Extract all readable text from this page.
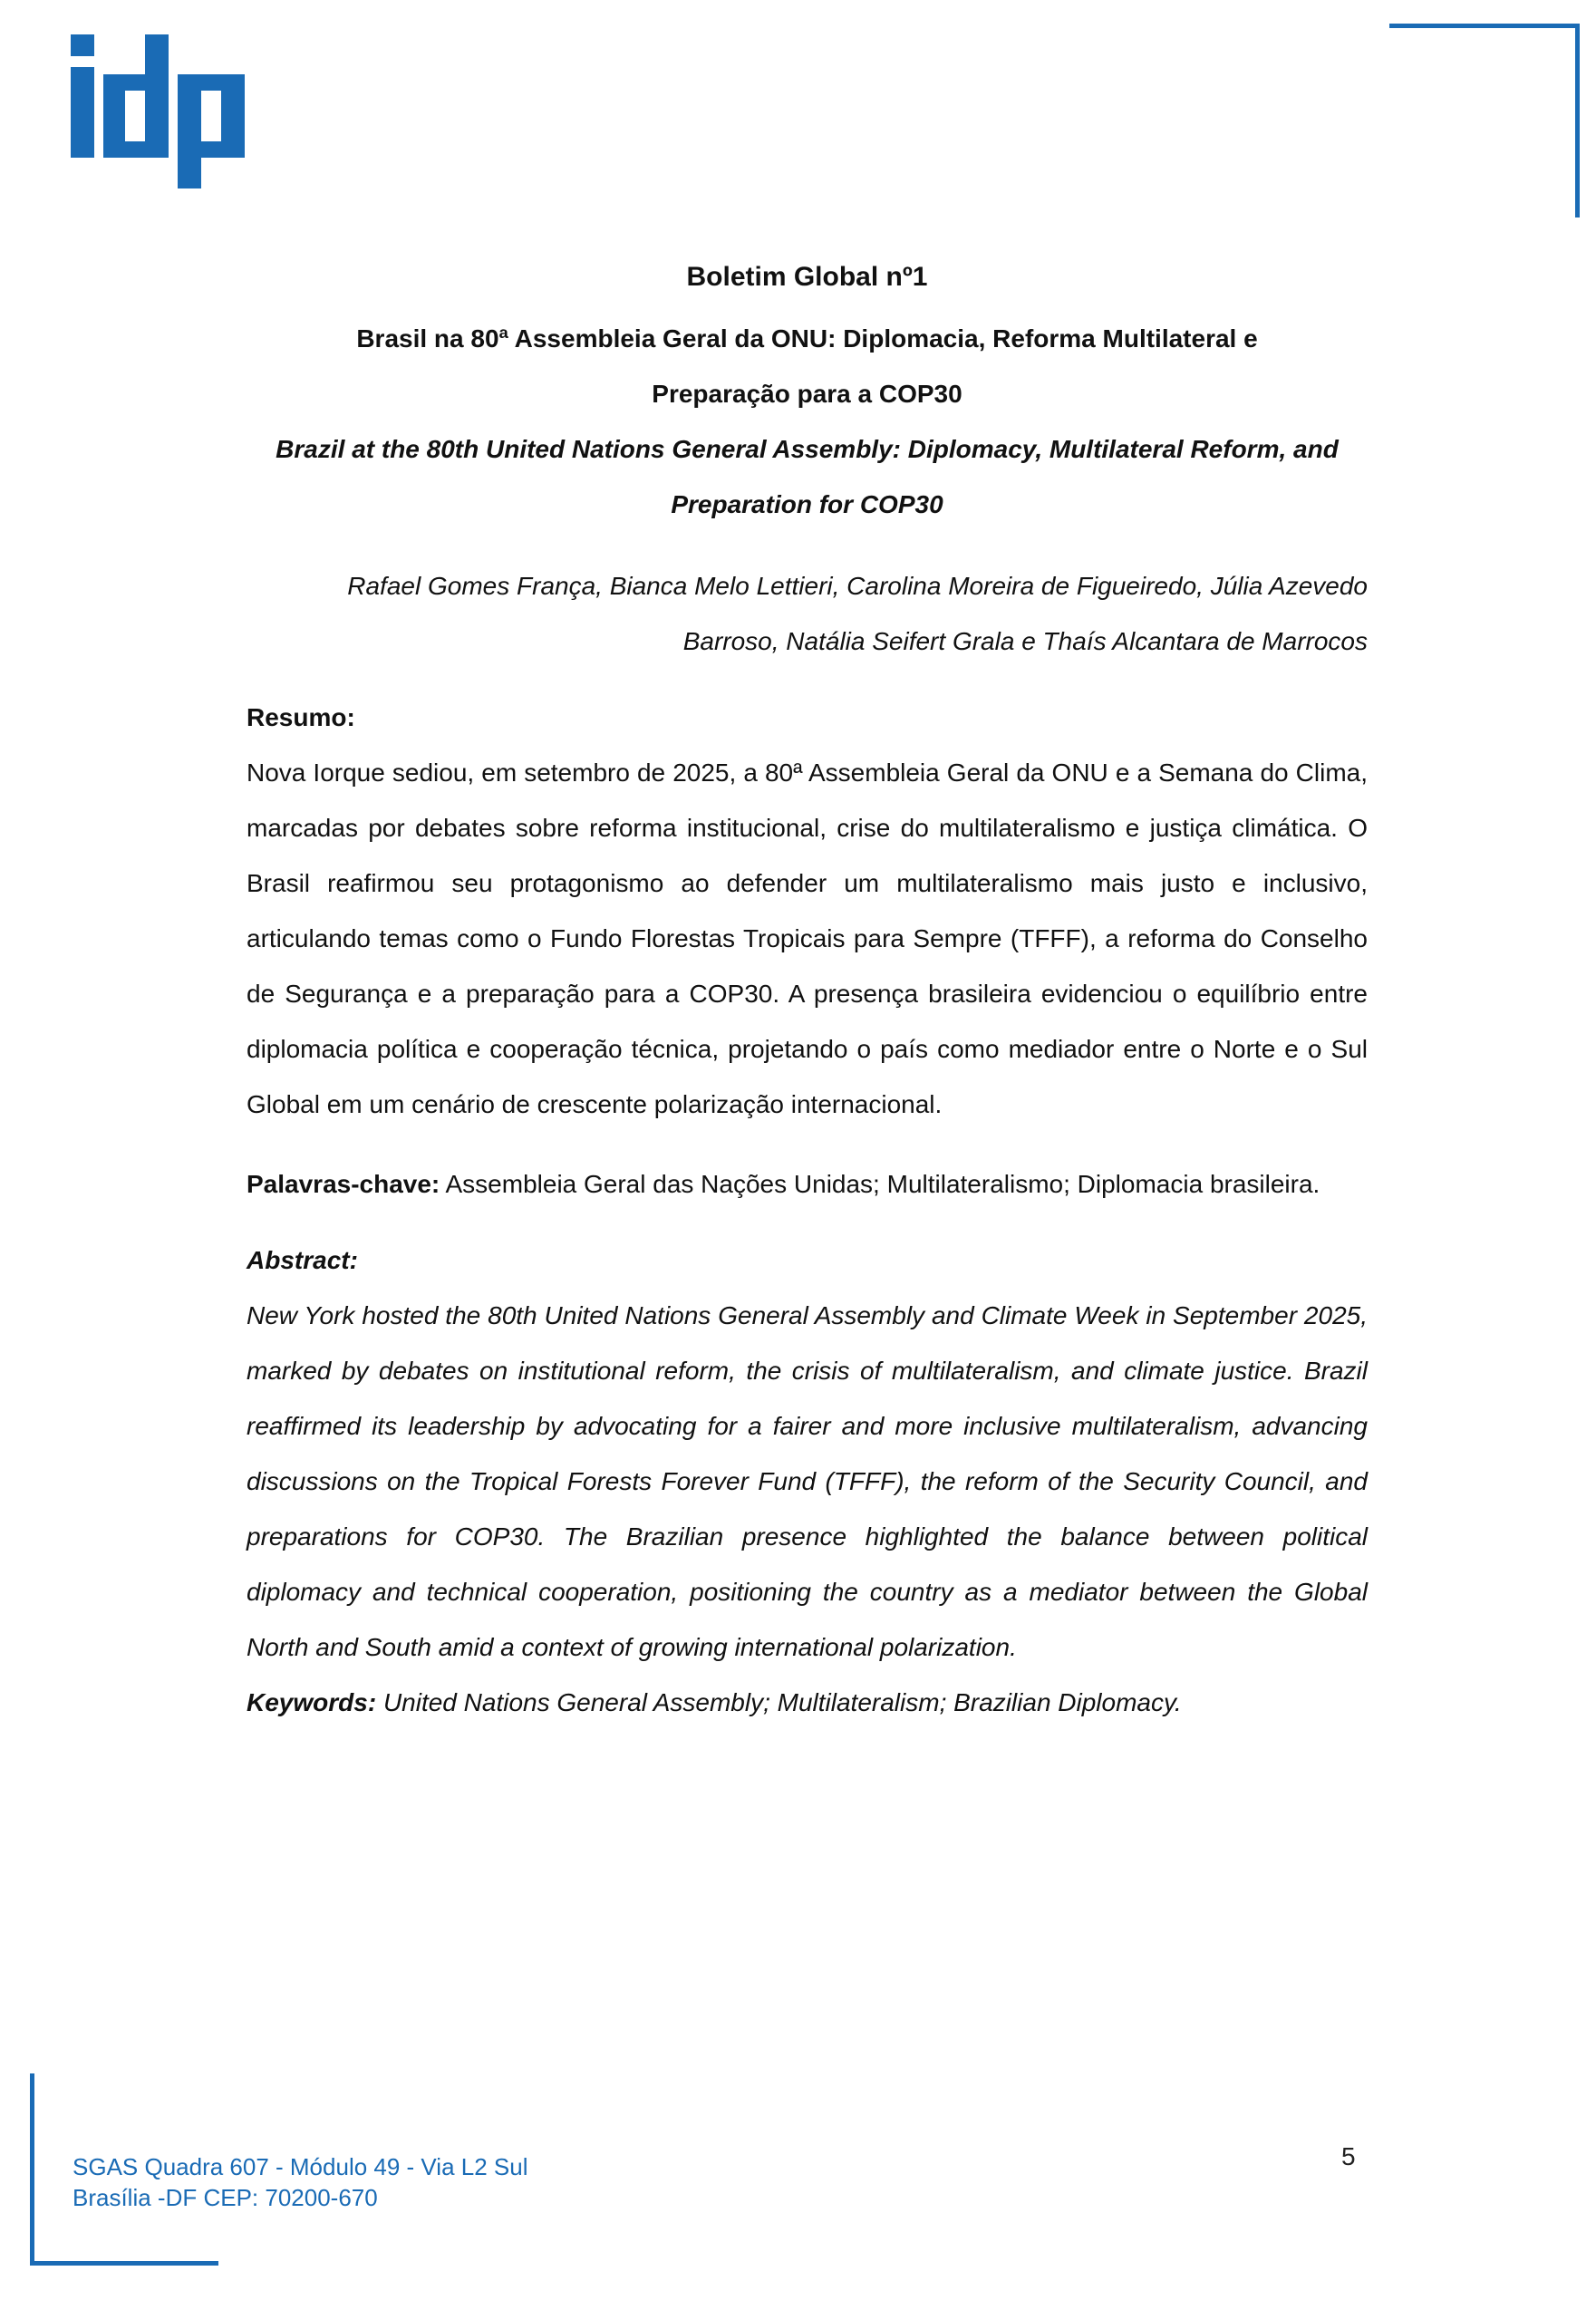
Boletim Global nº1

Brasil na 80ª Assembleia Geral da ONU: Diplomacia, Reforma Multilateral e Preparação para a COP30

Brazil at the 80th United Nations General Assembly: Diplomacy, Multilateral Reform, and Preparation for COP30

Rafael Gomes França, Bianca Melo Lettieri, Carolina Moreira de Figueiredo, Júlia Azevedo Barroso, Natália Seifert Grala e Thaís Alcantara de Marrocos

Resumo:

Nova Iorque sediou, em setembro de 2025, a 80ª Assembleia Geral da ONU e a Semana do Clima, marcadas por debates sobre reforma institucional, crise do multilateralismo e justiça climática. O Brasil reafirmou seu protagonismo ao defender um multilateralismo mais justo e inclusivo, articulando temas como o Fundo Florestas Tropicais para Sempre (TFFF), a reforma do Conselho de Segurança e a preparação para a COP30. A presença brasileira evidenciou o equilíbrio entre diplomacia política e cooperação técnica, projetando o país como mediador entre o Norte e o Sul Global em um cenário de crescente polarização internacional.

Palavras-chave: Assembleia Geral das Nações Unidas; Multilateralismo; Diplomacia brasileira.

Abstract:

New York hosted the 80th United Nations General Assembly and Climate Week in September 2025, marked by debates on institutional reform, the crisis of multilateralism, and climate justice. Brazil reaffirmed its leadership by advocating for a fairer and more inclusive multilateralism, advancing discussions on the Tropical Forests Forever Fund (TFFF), the reform of the Security Council, and preparations for COP30. The Brazilian presence highlighted the balance between political diplomacy and technical cooperation, positioning the country as a mediator between the Global North and South amid a context of growing international polarization.

Keywords: United Nations General Assembly; Multilateralism; Brazilian Diplomacy.

SGAS Quadra 607 - Módulo 49 - Via L2 Sul
Brasília -DF CEP: 70200-670
5
